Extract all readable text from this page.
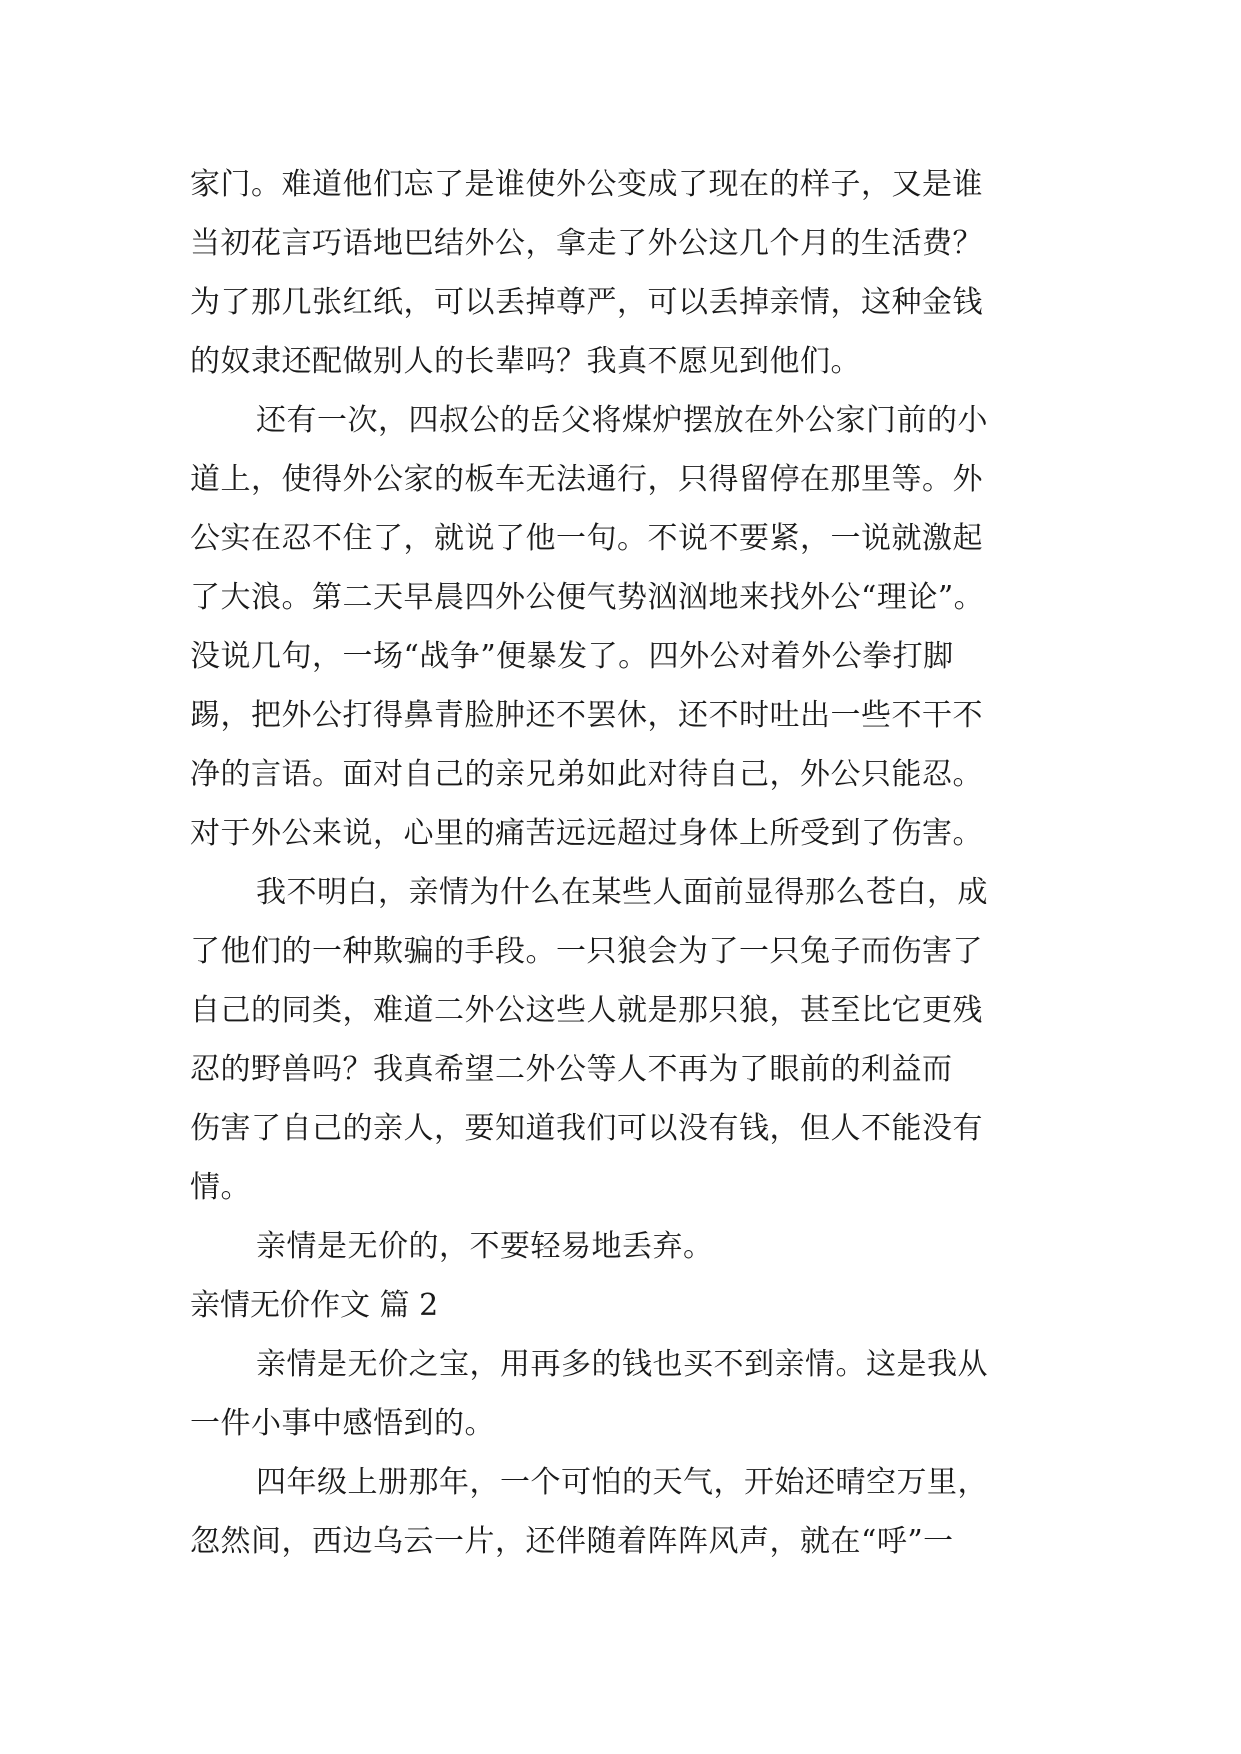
家门。难道他们忘了是谁使外公变成了现在的样子，又是谁
当初花言巧语地巴结外公，拿走了外公这几个月的生活费？
为了那几张红纸，可以丢掉尊严，可以丢掉亲情，这种金钱
的奴隶还配做别人的长辈吗？我真不愿见到他们。
还有一次，四叔公的岳父将煤炉摆放在外公家门前的小
道上，使得外公家的板车无法通行，只得留停在那里等。外
公实在忍不住了，就说了他一句。不说不要紧，一说就激起
了大浪。第二天早晨四外公便气势汹汹地来找外公“理论”。
没说几句，一场“战争”便暴发了。四外公对着外公拳打脚
踢，把外公打得鼻青脸肿还不罢休，还不时吐出一些不干不
净的言语。面对自己的亲兄弟如此对待自己，外公只能忍。
对于外公来说，心里的痛苦远远超过身体上所受到了伤害。
我不明白，亲情为什么在某些人面前显得那么苍白，成
了他们的一种欺骗的手段。一只狼会为了一只兔子而伤害了
自己的同类，难道二外公这些人就是那只狼，甚至比它更残
忍的野兽吗？我真希望二外公等人不再为了眼前的利益而
伤害了自己的亲人，要知道我们可以没有钱，但人不能没有
情。
亲情是无价的，不要轻易地丢弃。
亲情无价作文 篇 2
亲情是无价之宝，用再多的钱也买不到亲情。这是我从
一件小事中感悟到的。
四年级上册那年，一个可怕的天气，开始还晴空万里，
忽然间，西边乌云一片，还伴随着阵阵风声，就在“呼”一
